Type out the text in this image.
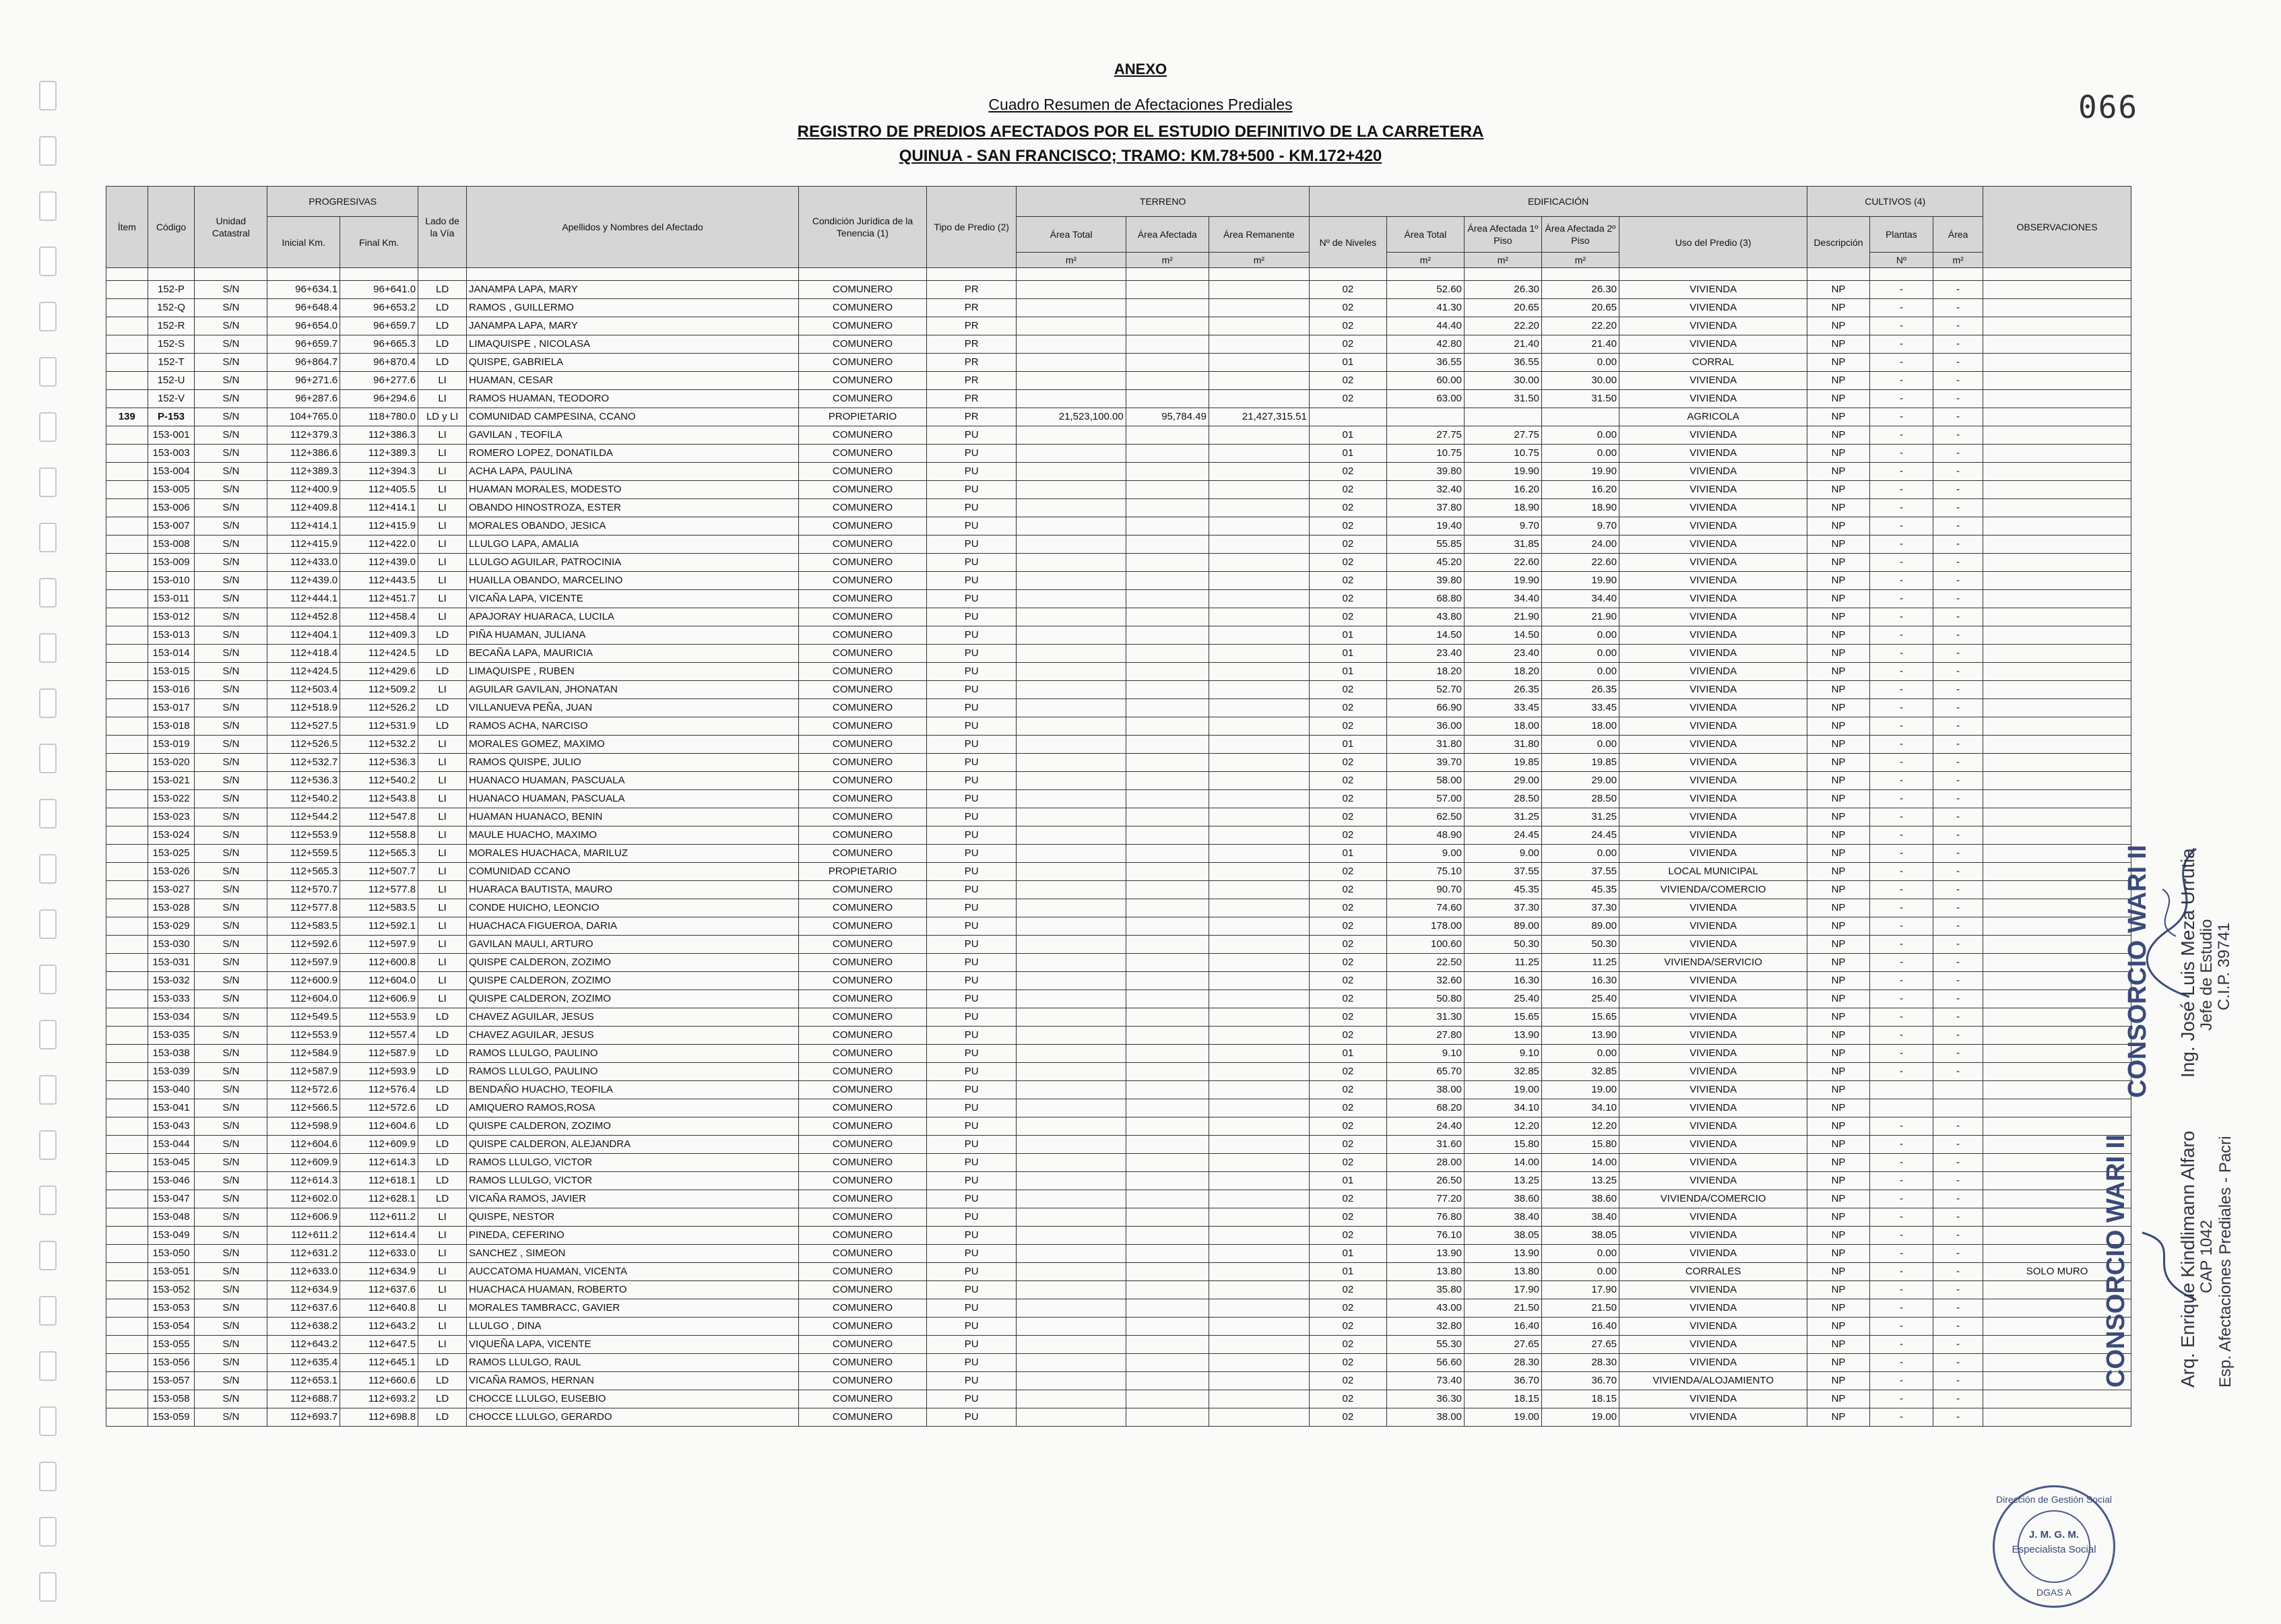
ANEXO
Cuadro Resumen de Afectaciones Prediales
REGISTRO DE PREDIOS AFECTADOS POR EL ESTUDIO DEFINITIVO DE LA CARRETERA
QUINUA - SAN FRANCISCO; TRAMO: KM.78+500 - KM.172+420
066
Ítem	Código	Unidad Catastral	PROGRESIVAS		Lado de la Vía	Apellidos y Nombres del Afectado	Condición Jurídica de la Tenencia (1)	Tipo de Predio (2)	TERRENO			EDIFICACIÓN					CULTIVOS (4)			OBSERVACIONES
			Inicial Km.	Final Km.					Área Total	Área Afectada	Área Remanente	Nº de Niveles	Área Total	Área Afectada 1º Piso	Área Afectada 2º Piso	Uso del Predio (3)	Descripción	Plantas	Área	
									m²	m²	m²		m²	m²	m²			Nº	m²	

	152-P	S/N	96+634.1	96+641.0	LD	JANAMPA LAPA, MARY	COMUNERO	PR				02	52.60	26.30	26.30	VIVIENDA	NP	-	-	
	152-Q	S/N	96+648.4	96+653.2	LD	RAMOS , GUILLERMO	COMUNERO	PR				02	41.30	20.65	20.65	VIVIENDA	NP	-	-	
	152-R	S/N	96+654.0	96+659.7	LD	JANAMPA LAPA, MARY	COMUNERO	PR				02	44.40	22.20	22.20	VIVIENDA	NP	-	-	
	152-S	S/N	96+659.7	96+665.3	LD	LIMAQUISPE , NICOLASA	COMUNERO	PR				02	42.80	21.40	21.40	VIVIENDA	NP	-	-	
	152-T	S/N	96+864.7	96+870.4	LD	QUISPE, GABRIELA	COMUNERO	PR				01	36.55	36.55	0.00	CORRAL	NP	-	-	
	152-U	S/N	96+271.6	96+277.6	LI	HUAMAN, CESAR	COMUNERO	PR				02	60.00	30.00	30.00	VIVIENDA	NP	-	-	
	152-V	S/N	96+287.6	96+294.6	LI	RAMOS HUAMAN, TEODORO	COMUNERO	PR				02	63.00	31.50	31.50	VIVIENDA	NP	-	-	
139	P-153	S/N	104+765.0	118+780.0	LD y LI	COMUNIDAD CAMPESINA, CCANO	PROPIETARIO	PR	21,523,100.00	95,784.49	21,427,315.51					AGRICOLA	NP	-	-	
	153-001	S/N	112+379.3	112+386.3	LI	GAVILAN , TEOFILA	COMUNERO	PU				01	27.75	27.75	0.00	VIVIENDA	NP	-	-	
	153-003	S/N	112+386.6	112+389.3	LI	ROMERO LOPEZ, DONATILDA	COMUNERO	PU				01	10.75	10.75	0.00	VIVIENDA	NP	-	-	
	153-004	S/N	112+389.3	112+394.3	LI	ACHA LAPA, PAULINA	COMUNERO	PU				02	39.80	19.90	19.90	VIVIENDA	NP	-	-	
	153-005	S/N	112+400.9	112+405.5	LI	HUAMAN MORALES, MODESTO	COMUNERO	PU				02	32.40	16.20	16.20	VIVIENDA	NP	-	-	
	153-006	S/N	112+409.8	112+414.1	LI	OBANDO HINOSTROZA, ESTER	COMUNERO	PU				02	37.80	18.90	18.90	VIVIENDA	NP	-	-	
	153-007	S/N	112+414.1	112+415.9	LI	MORALES OBANDO, JESICA	COMUNERO	PU				02	19.40	9.70	9.70	VIVIENDA	NP	-	-	
	153-008	S/N	112+415.9	112+422.0	LI	LLULGO LAPA, AMALIA	COMUNERO	PU				02	55.85	31.85	24.00	VIVIENDA	NP	-	-	
	153-009	S/N	112+433.0	112+439.0	LI	LLULGO AGUILAR, PATROCINIA	COMUNERO	PU				02	45.20	22.60	22.60	VIVIENDA	NP	-	-	
	153-010	S/N	112+439.0	112+443.5	LI	HUAILLA OBANDO, MARCELINO	COMUNERO	PU				02	39.80	19.90	19.90	VIVIENDA	NP	-	-	
	153-011	S/N	112+444.1	112+451.7	LI	VICAÑA LAPA, VICENTE	COMUNERO	PU				02	68.80	34.40	34.40	VIVIENDA	NP	-	-	
	153-012	S/N	112+452.8	112+458.4	LI	APAJORAY HUARACA, LUCILA	COMUNERO	PU				02	43.80	21.90	21.90	VIVIENDA	NP	-	-	
	153-013	S/N	112+404.1	112+409.3	LD	PIÑA HUAMAN, JULIANA	COMUNERO	PU				01	14.50	14.50	0.00	VIVIENDA	NP	-	-	
	153-014	S/N	112+418.4	112+424.5	LD	BECAÑA LAPA, MAURICIA	COMUNERO	PU				01	23.40	23.40	0.00	VIVIENDA	NP	-	-	
	153-015	S/N	112+424.5	112+429.6	LD	LIMAQUISPE , RUBEN	COMUNERO	PU				01	18.20	18.20	0.00	VIVIENDA	NP	-	-	
	153-016	S/N	112+503.4	112+509.2	LI	AGUILAR GAVILAN, JHONATAN	COMUNERO	PU				02	52.70	26.35	26.35	VIVIENDA	NP	-	-	
	153-017	S/N	112+518.9	112+526.2	LD	VILLANUEVA PEÑA, JUAN	COMUNERO	PU				02	66.90	33.45	33.45	VIVIENDA	NP	-	-	
	153-018	S/N	112+527.5	112+531.9	LD	RAMOS ACHA, NARCISO	COMUNERO	PU				02	36.00	18.00	18.00	VIVIENDA	NP	-	-	
	153-019	S/N	112+526.5	112+532.2	LI	MORALES GOMEZ, MAXIMO	COMUNERO	PU				01	31.80	31.80	0.00	VIVIENDA	NP	-	-	
	153-020	S/N	112+532.7	112+536.3	LI	RAMOS QUISPE, JULIO	COMUNERO	PU				02	39.70	19.85	19.85	VIVIENDA	NP	-	-	
	153-021	S/N	112+536.3	112+540.2	LI	HUANACO HUAMAN, PASCUALA	COMUNERO	PU				02	58.00	29.00	29.00	VIVIENDA	NP	-	-	
	153-022	S/N	112+540.2	112+543.8	LI	HUANACO HUAMAN, PASCUALA	COMUNERO	PU				02	57.00	28.50	28.50	VIVIENDA	NP	-	-	
	153-023	S/N	112+544.2	112+547.8	LI	HUAMAN HUANACO, BENIN	COMUNERO	PU				02	62.50	31.25	31.25	VIVIENDA	NP	-	-	
	153-024	S/N	112+553.9	112+558.8	LI	MAULE HUACHO, MAXIMO	COMUNERO	PU				02	48.90	24.45	24.45	VIVIENDA	NP	-	-	
	153-025	S/N	112+559.5	112+565.3	LI	MORALES HUACHACA, MARILUZ	COMUNERO	PU				01	9.00	9.00	0.00	VIVIENDA	NP	-	-	
	153-026	S/N	112+565.3	112+507.7	LI	COMUNIDAD CCANO	PROPIETARIO	PU				02	75.10	37.55	37.55	LOCAL MUNICIPAL	NP	-	-	
	153-027	S/N	112+570.7	112+577.8	LI	HUARACA BAUTISTA, MAURO	COMUNERO	PU				02	90.70	45.35	45.35	VIVIENDA/COMERCIO	NP	-	-	
	153-028	S/N	112+577.8	112+583.5	LI	CONDE HUICHO, LEONCIO	COMUNERO	PU				02	74.60	37.30	37.30	VIVIENDA	NP	-	-	
	153-029	S/N	112+583.5	112+592.1	LI	HUACHACA FIGUEROA, DARIA	COMUNERO	PU				02	178.00	89.00	89.00	VIVIENDA	NP	-	-	
	153-030	S/N	112+592.6	112+597.9	LI	GAVILAN MAULI, ARTURO	COMUNERO	PU				02	100.60	50.30	50.30	VIVIENDA	NP	-	-	
	153-031	S/N	112+597.9	112+600.8	LI	QUISPE CALDERON, ZOZIMO	COMUNERO	PU				02	22.50	11.25	11.25	VIVIENDA/SERVICIO	NP	-	-	
	153-032	S/N	112+600.9	112+604.0	LI	QUISPE CALDERON, ZOZIMO	COMUNERO	PU				02	32.60	16.30	16.30	VIVIENDA	NP	-	-	
	153-033	S/N	112+604.0	112+606.9	LI	QUISPE CALDERON, ZOZIMO	COMUNERO	PU				02	50.80	25.40	25.40	VIVIENDA	NP	-	-	
	153-034	S/N	112+549.5	112+553.9	LD	CHAVEZ AGUILAR, JESUS	COMUNERO	PU				02	31.30	15.65	15.65	VIVIENDA	NP	-	-	
	153-035	S/N	112+553.9	112+557.4	LD	CHAVEZ AGUILAR, JESUS	COMUNERO	PU				02	27.80	13.90	13.90	VIVIENDA	NP	-	-	
	153-038	S/N	112+584.9	112+587.9	LD	RAMOS LLULGO, PAULINO	COMUNERO	PU				01	9.10	9.10	0.00	VIVIENDA	NP	-	-	
	153-039	S/N	112+587.9	112+593.9	LD	RAMOS LLULGO, PAULINO	COMUNERO	PU				02	65.70	32.85	32.85	VIVIENDA	NP	-	-	
	153-040	S/N	112+572.6	112+576.4	LD	BENDAÑO HUACHO, TEOFILA	COMUNERO	PU				02	38.00	19.00	19.00	VIVIENDA	NP			
	153-041	S/N	112+566.5	112+572.6	LD	AMIQUERO RAMOS,ROSA	COMUNERO	PU				02	68.20	34.10	34.10	VIVIENDA	NP			
	153-043	S/N	112+598.9	112+604.6	LD	QUISPE CALDERON, ZOZIMO	COMUNERO	PU				02	24.40	12.20	12.20	VIVIENDA	NP	-	-	
	153-044	S/N	112+604.6	112+609.9	LD	QUISPE CALDERON, ALEJANDRA	COMUNERO	PU				02	31.60	15.80	15.80	VIVIENDA	NP	-	-	
	153-045	S/N	112+609.9	112+614.3	LD	RAMOS LLULGO, VICTOR	COMUNERO	PU				02	28.00	14.00	14.00	VIVIENDA	NP	-	-	
	153-046	S/N	112+614.3	112+618.1	LD	RAMOS LLULGO, VICTOR	COMUNERO	PU				01	26.50	13.25	13.25	VIVIENDA	NP	-	-	
	153-047	S/N	112+602.0	112+628.1	LD	VICAÑA RAMOS, JAVIER	COMUNERO	PU				02	77.20	38.60	38.60	VIVIENDA/COMERCIO	NP	-	-	
	153-048	S/N	112+606.9	112+611.2	LI	QUISPE, NESTOR	COMUNERO	PU				02	76.80	38.40	38.40	VIVIENDA	NP	-	-	
	153-049	S/N	112+611.2	112+614.4	LI	PINEDA, CEFERINO	COMUNERO	PU				02	76.10	38.05	38.05	VIVIENDA	NP	-	-	
	153-050	S/N	112+631.2	112+633.0	LI	SANCHEZ , SIMEON	COMUNERO	PU				01	13.90	13.90	0.00	VIVIENDA	NP	-	-	
	153-051	S/N	112+633.0	112+634.9	LI	AUCCATOMA HUAMAN, VICENTA	COMUNERO	PU				01	13.80	13.80	0.00	CORRALES	NP	-	-	SOLO MURO
	153-052	S/N	112+634.9	112+637.6	LI	HUACHACA HUAMAN, ROBERTO	COMUNERO	PU				02	35.80	17.90	17.90	VIVIENDA	NP	-	-	
	153-053	S/N	112+637.6	112+640.8	LI	MORALES TAMBRACC, GAVIER	COMUNERO	PU				02	43.00	21.50	21.50	VIVIENDA	NP	-	-	
	153-054	S/N	112+638.2	112+643.2	LI	LLULGO , DINA	COMUNERO	PU				02	32.80	16.40	16.40	VIVIENDA	NP	-	-	
	153-055	S/N	112+643.2	112+647.5	LI	VIQUEÑA LAPA, VICENTE	COMUNERO	PU				02	55.30	27.65	27.65	VIVIENDA	NP	-	-	
	153-056	S/N	112+635.4	112+645.1	LD	RAMOS LLULGO, RAUL	COMUNERO	PU				02	56.60	28.30	28.30	VIVIENDA	NP	-	-	
	153-057	S/N	112+653.1	112+660.6	LD	VICAÑA RAMOS, HERNAN	COMUNERO	PU				02	73.40	36.70	36.70	VIVIENDA/ALOJAMIENTO	NP	-	-	
	153-058	S/N	112+688.7	112+693.2	LD	CHOCCE LLULGO, EUSEBIO	COMUNERO	PU				02	36.30	18.15	18.15	VIVIENDA	NP	-	-	
	153-059	S/N	112+693.7	112+698.8	LD	CHOCCE LLULGO, GERARDO	COMUNERO	PU				02	38.00	19.00	19.00	VIVIENDA	NP	-	-	
CONSORCIO WARI II Ing. José Luis Meza Urrutia Jefe de Estudio C.I.P. 39741
CONSORCIO WARI II	Arq. Enrique Kindlimann Alfaro CAP 1042 Esp. Afectaciones Prediales - Pacri
Dirección de Gestión Social
J. M. G. M.
Especialista Social
DGAS A
